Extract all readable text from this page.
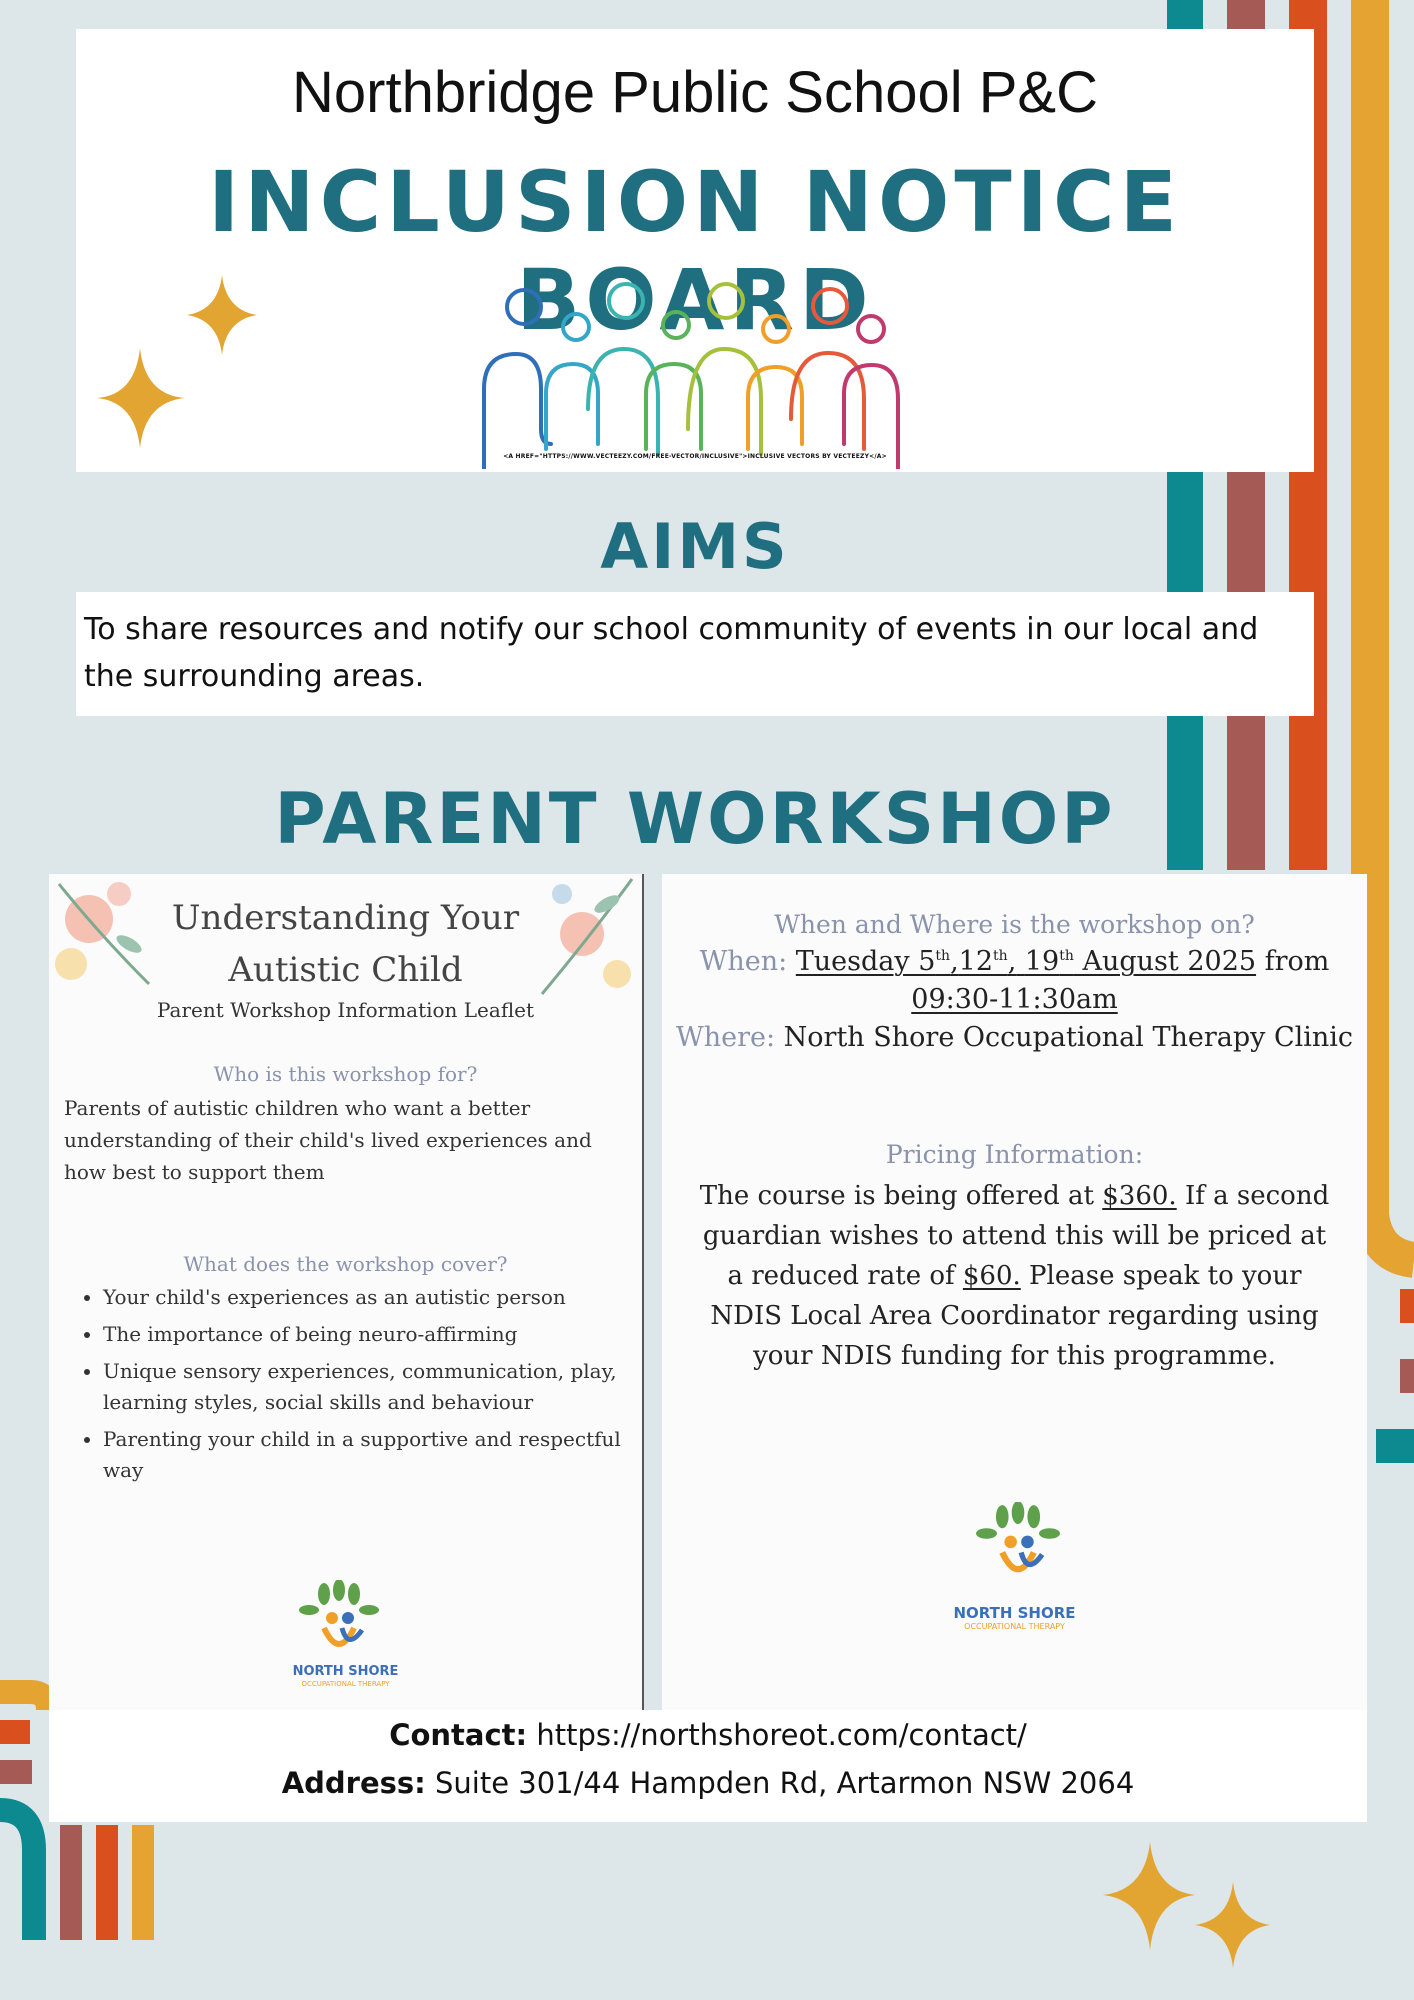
Northbridge Public School P&C
INCLUSION NOTICE BOARD
<A HREF="HTTPS://WWW.VECTEEZY.COM/FREE-VECTOR/INCLUSIVE">INCLUSIVE VECTORS BY VECTEEZY</A>
AIMS
To share resources and notify our school community of events in our local and the surrounding areas.
PARENT WORKSHOP
Understanding Your
Autistic Child
Parent Workshop Information Leaflet
Who is this workshop for?
Parents of autistic children who want a better understanding of their child's lived experiences and how best to support them
What does the workshop cover?
• Your child's experiences as an autistic person
• The importance of being neuro-affirming
• Unique sensory experiences, communication, play, learning styles, social skills and behaviour
• Parenting your child in a supportive and respectful way
NORTH SHORE
OCCUPATIONAL THERAPY
When and Where is the workshop on?
When: Tuesday 5th,12th, 19th August 2025 from
09:30-11:30am
Where: North Shore Occupational Therapy Clinic
Pricing Information:
The course is being offered at $360. If a second guardian wishes to attend this will be priced at a reduced rate of $60. Please speak to your NDIS Local Area Coordinator regarding using your NDIS funding for this programme.
NORTH SHORE
OCCUPATIONAL THERAPY
Contact: https://northshoreot.com/contact/
Address: Suite 301/44 Hampden Rd, Artarmon NSW 2064
